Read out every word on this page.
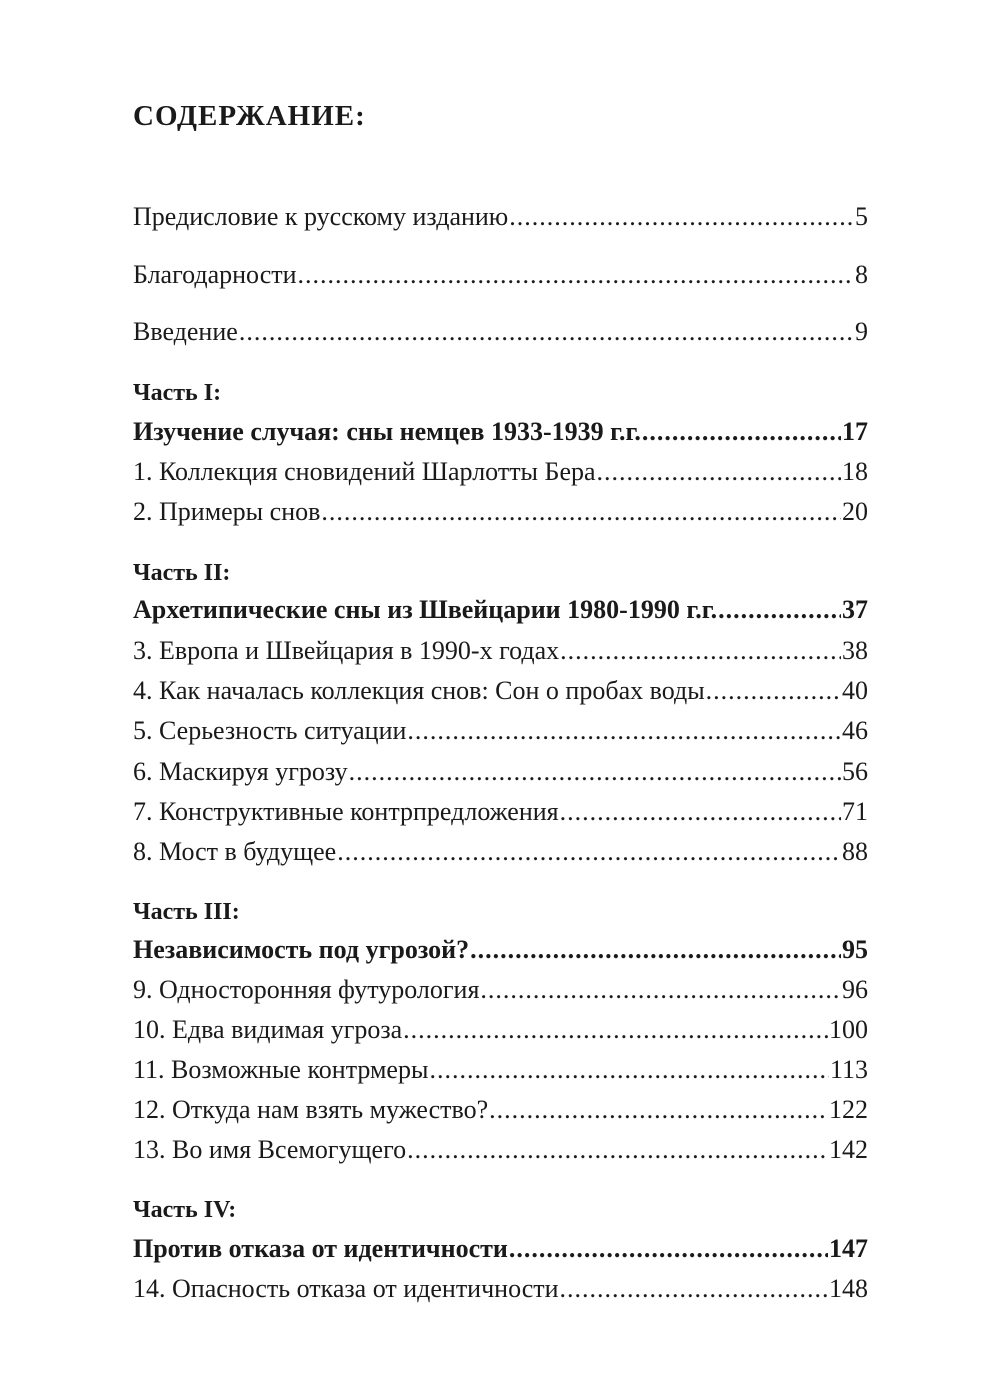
СОДЕРЖАНИЕ:
Предисловие к русскому изданию .....	5
Благодарности .....	8
Введение .....	9
Часть I:
Изучение случая: сны немцев 1933-1939 г.г. .....	17
1. Коллекция сновидений Шарлотты Бера .....	18
2. Примеры снов .....	20
Часть II:
Архетипические сны из Швейцарии 1980-1990 г.г. .....	37
3. Европа и Швейцария в 1990-х годах .....	38
4. Как началась коллекция снов: Сон о пробах воды .....	40
5. Серьезность ситуации .....	46
6. Маскируя угрозу .....	56
7. Конструктивные контрпредложения .....	71
8. Мост в будущее .....	88
Часть III:
Независимость под угрозой? .....	95
9. Односторонняя футурология .....	96
10. Едва видимая угроза .....	100
11. Возможные контрмеры .....	113
12. Откуда нам взять мужество? .....	122
13. Во имя Всемогущего .....	142
Часть IV:
Против отказа от идентичности .....	147
14. Опасность отказа от идентичности .....	148
